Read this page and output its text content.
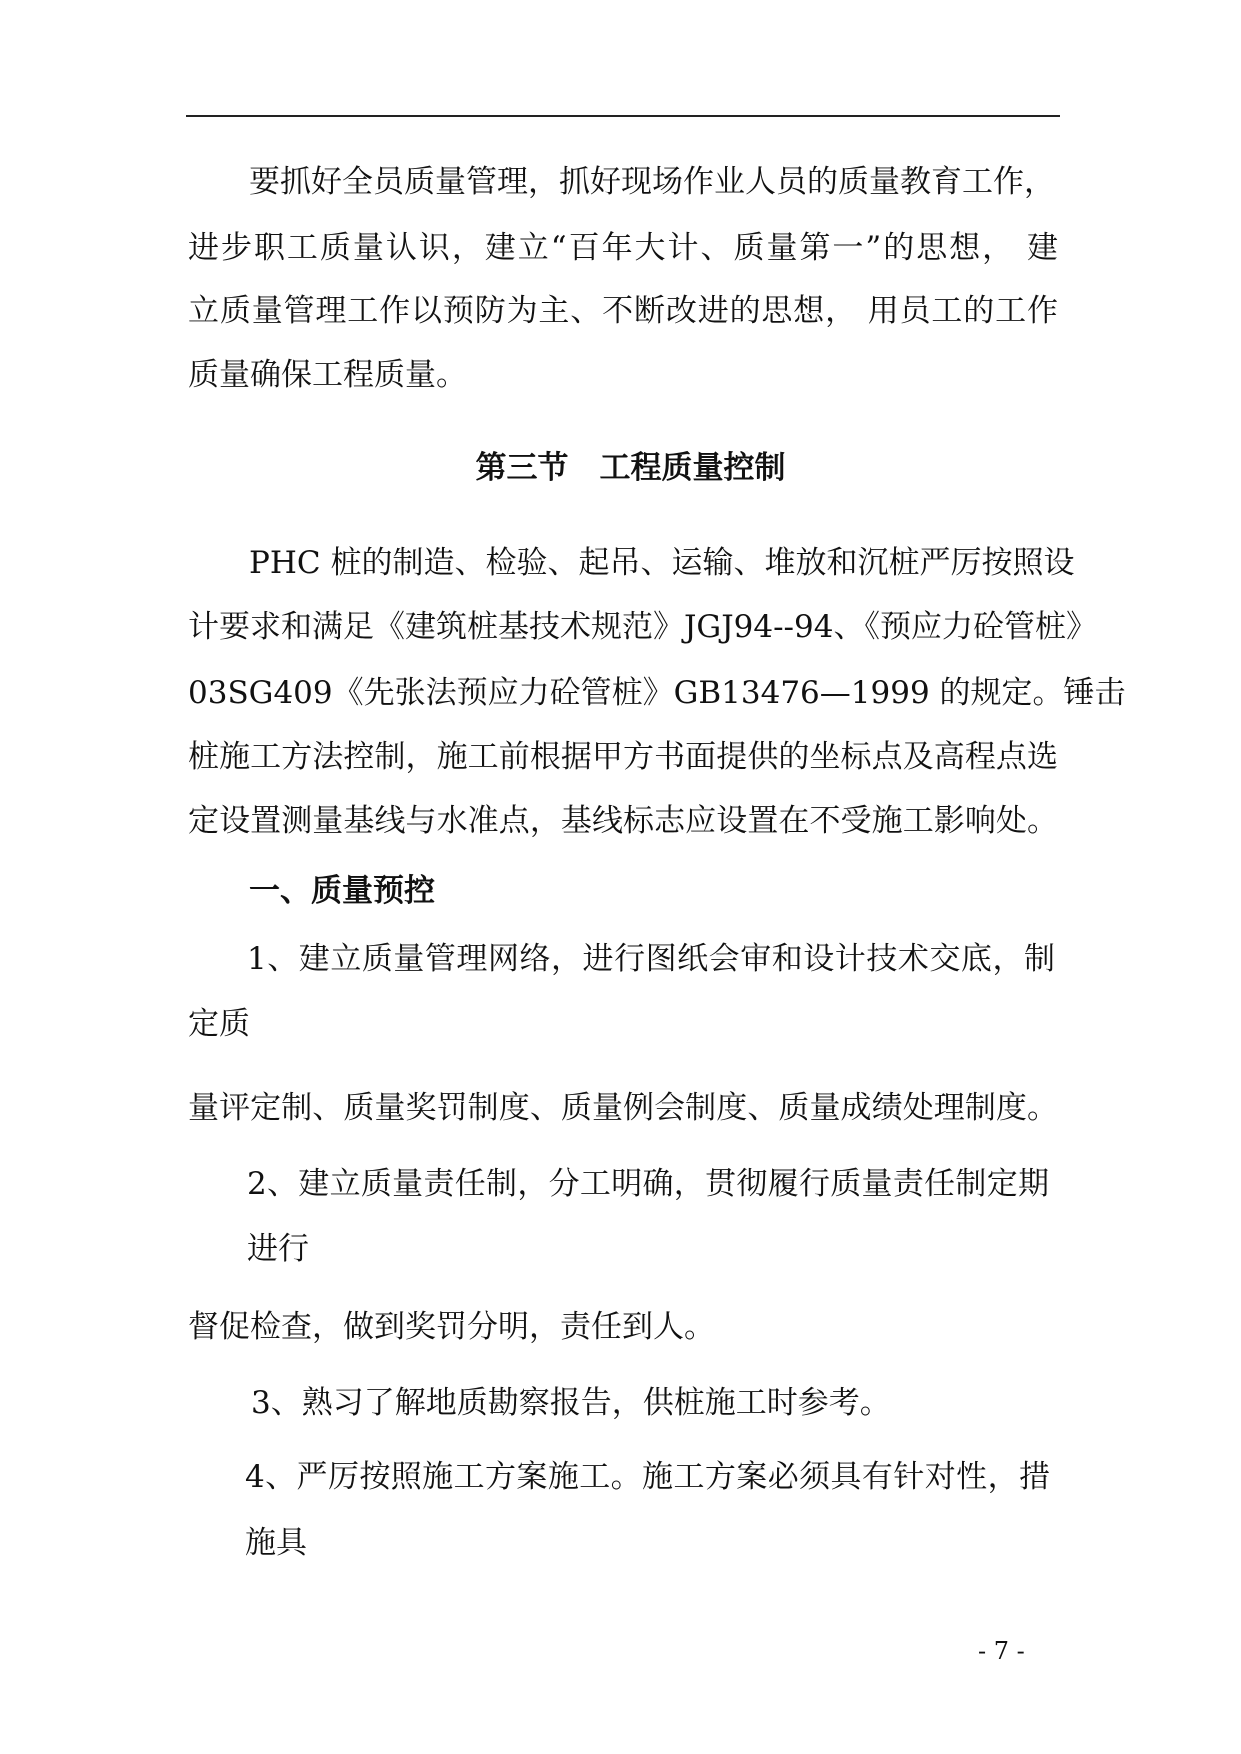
要抓好全员质量管理，抓好现场作业人员的质量教育工作，

进步职工质量认识，建立“百年大计、质量第一”的思想， 建

立质量管理工作以预防为主、不断改进的思想， 用员工的工作

质量确保工程质量。

第三节　工程质量控制

PHC 桩的制造、检验、起吊、运输、堆放和沉桩严厉按照设

计要求和满足《建筑桩基技术规范》JGJ94--94、《预应力砼管桩》

03SG409《先张法预应力砼管桩》GB13476—1999 的规定。锤击

桩施工方法控制，施工前根据甲方书面提供的坐标点及高程点选

定设置测量基线与水准点，基线标志应设置在不受施工影响处。

一、质量预控

1、建立质量管理网络，进行图纸会审和设计技术交底，制

定质

量评定制、质量奖罚制度、质量例会制度、质量成绩处理制度。

2、建立质量责任制，分工明确，贯彻履行质量责任制定期

进行

督促检查，做到奖罚分明，责任到人。

3、熟习了解地质勘察报告，供桩施工时参考。

4、严厉按照施工方案施工。施工方案必须具有针对性，措

施具

- 7 -
